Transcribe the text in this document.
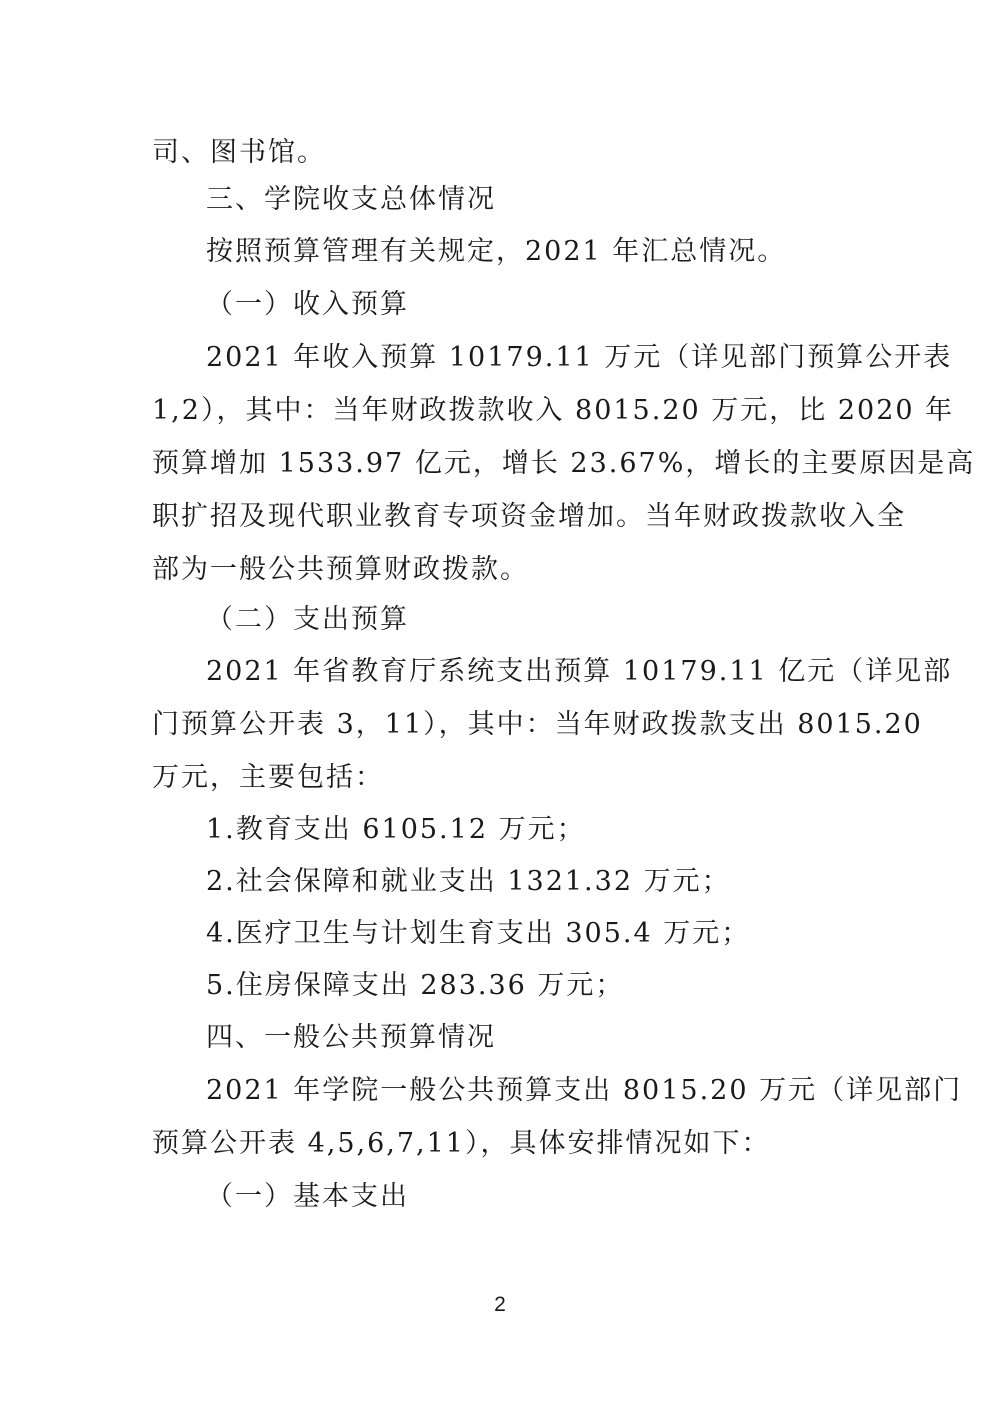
司、图书馆。
三、学院收支总体情况
按照预算管理有关规定，2021 年汇总情况。
（一）收入预算
2021 年收入预算 10179.11 万元（详见部门预算公开表
1,2），其中：当年财政拨款收入 8015.20 万元，比 2020 年
预算增加 1533.97 亿元，增长 23.67%，增长的主要原因是高
职扩招及现代职业教育专项资金增加。当年财政拨款收入全
部为一般公共预算财政拨款。
（二）支出预算
2021 年省教育厅系统支出预算 10179.11 亿元（详见部
门预算公开表 3，11），其中：当年财政拨款支出 8015.20
万元，主要包括：
1.教育支出 6105.12 万元；
2.社会保障和就业支出 1321.32 万元；
4.医疗卫生与计划生育支出 305.4 万元；
5.住房保障支出 283.36 万元；
四、一般公共预算情况
2021 年学院一般公共预算支出 8015.20 万元（详见部门
预算公开表 4,5,6,7,11），具体安排情况如下：
（一）基本支出
2
